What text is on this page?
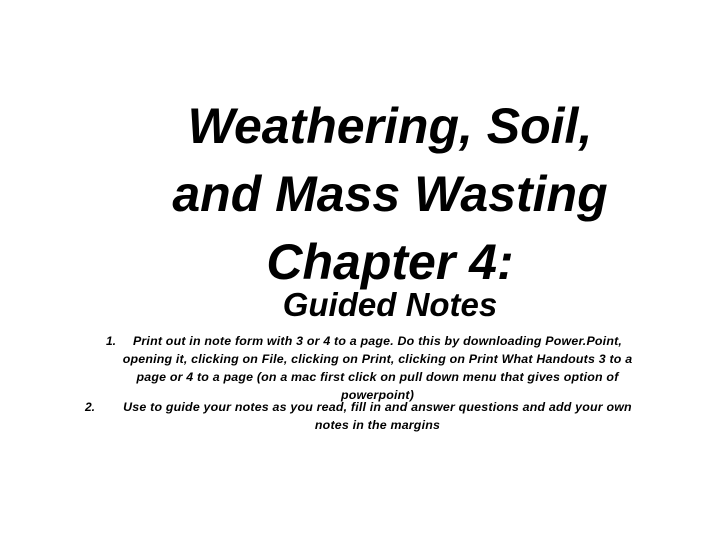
Weathering, Soil,
and Mass Wasting
Chapter 4:
Guided Notes
1.	Print out in note form with 3 or 4 to a page. Do this by downloading Power.Point, opening it, clicking on File, clicking on Print, clicking on Print What Handouts 3 to a page or 4 to a page (on a mac first click on pull down menu that gives option of powerpoint)
2.	Use to guide your notes as you read, fill in and answer questions and add your own notes in the margins
